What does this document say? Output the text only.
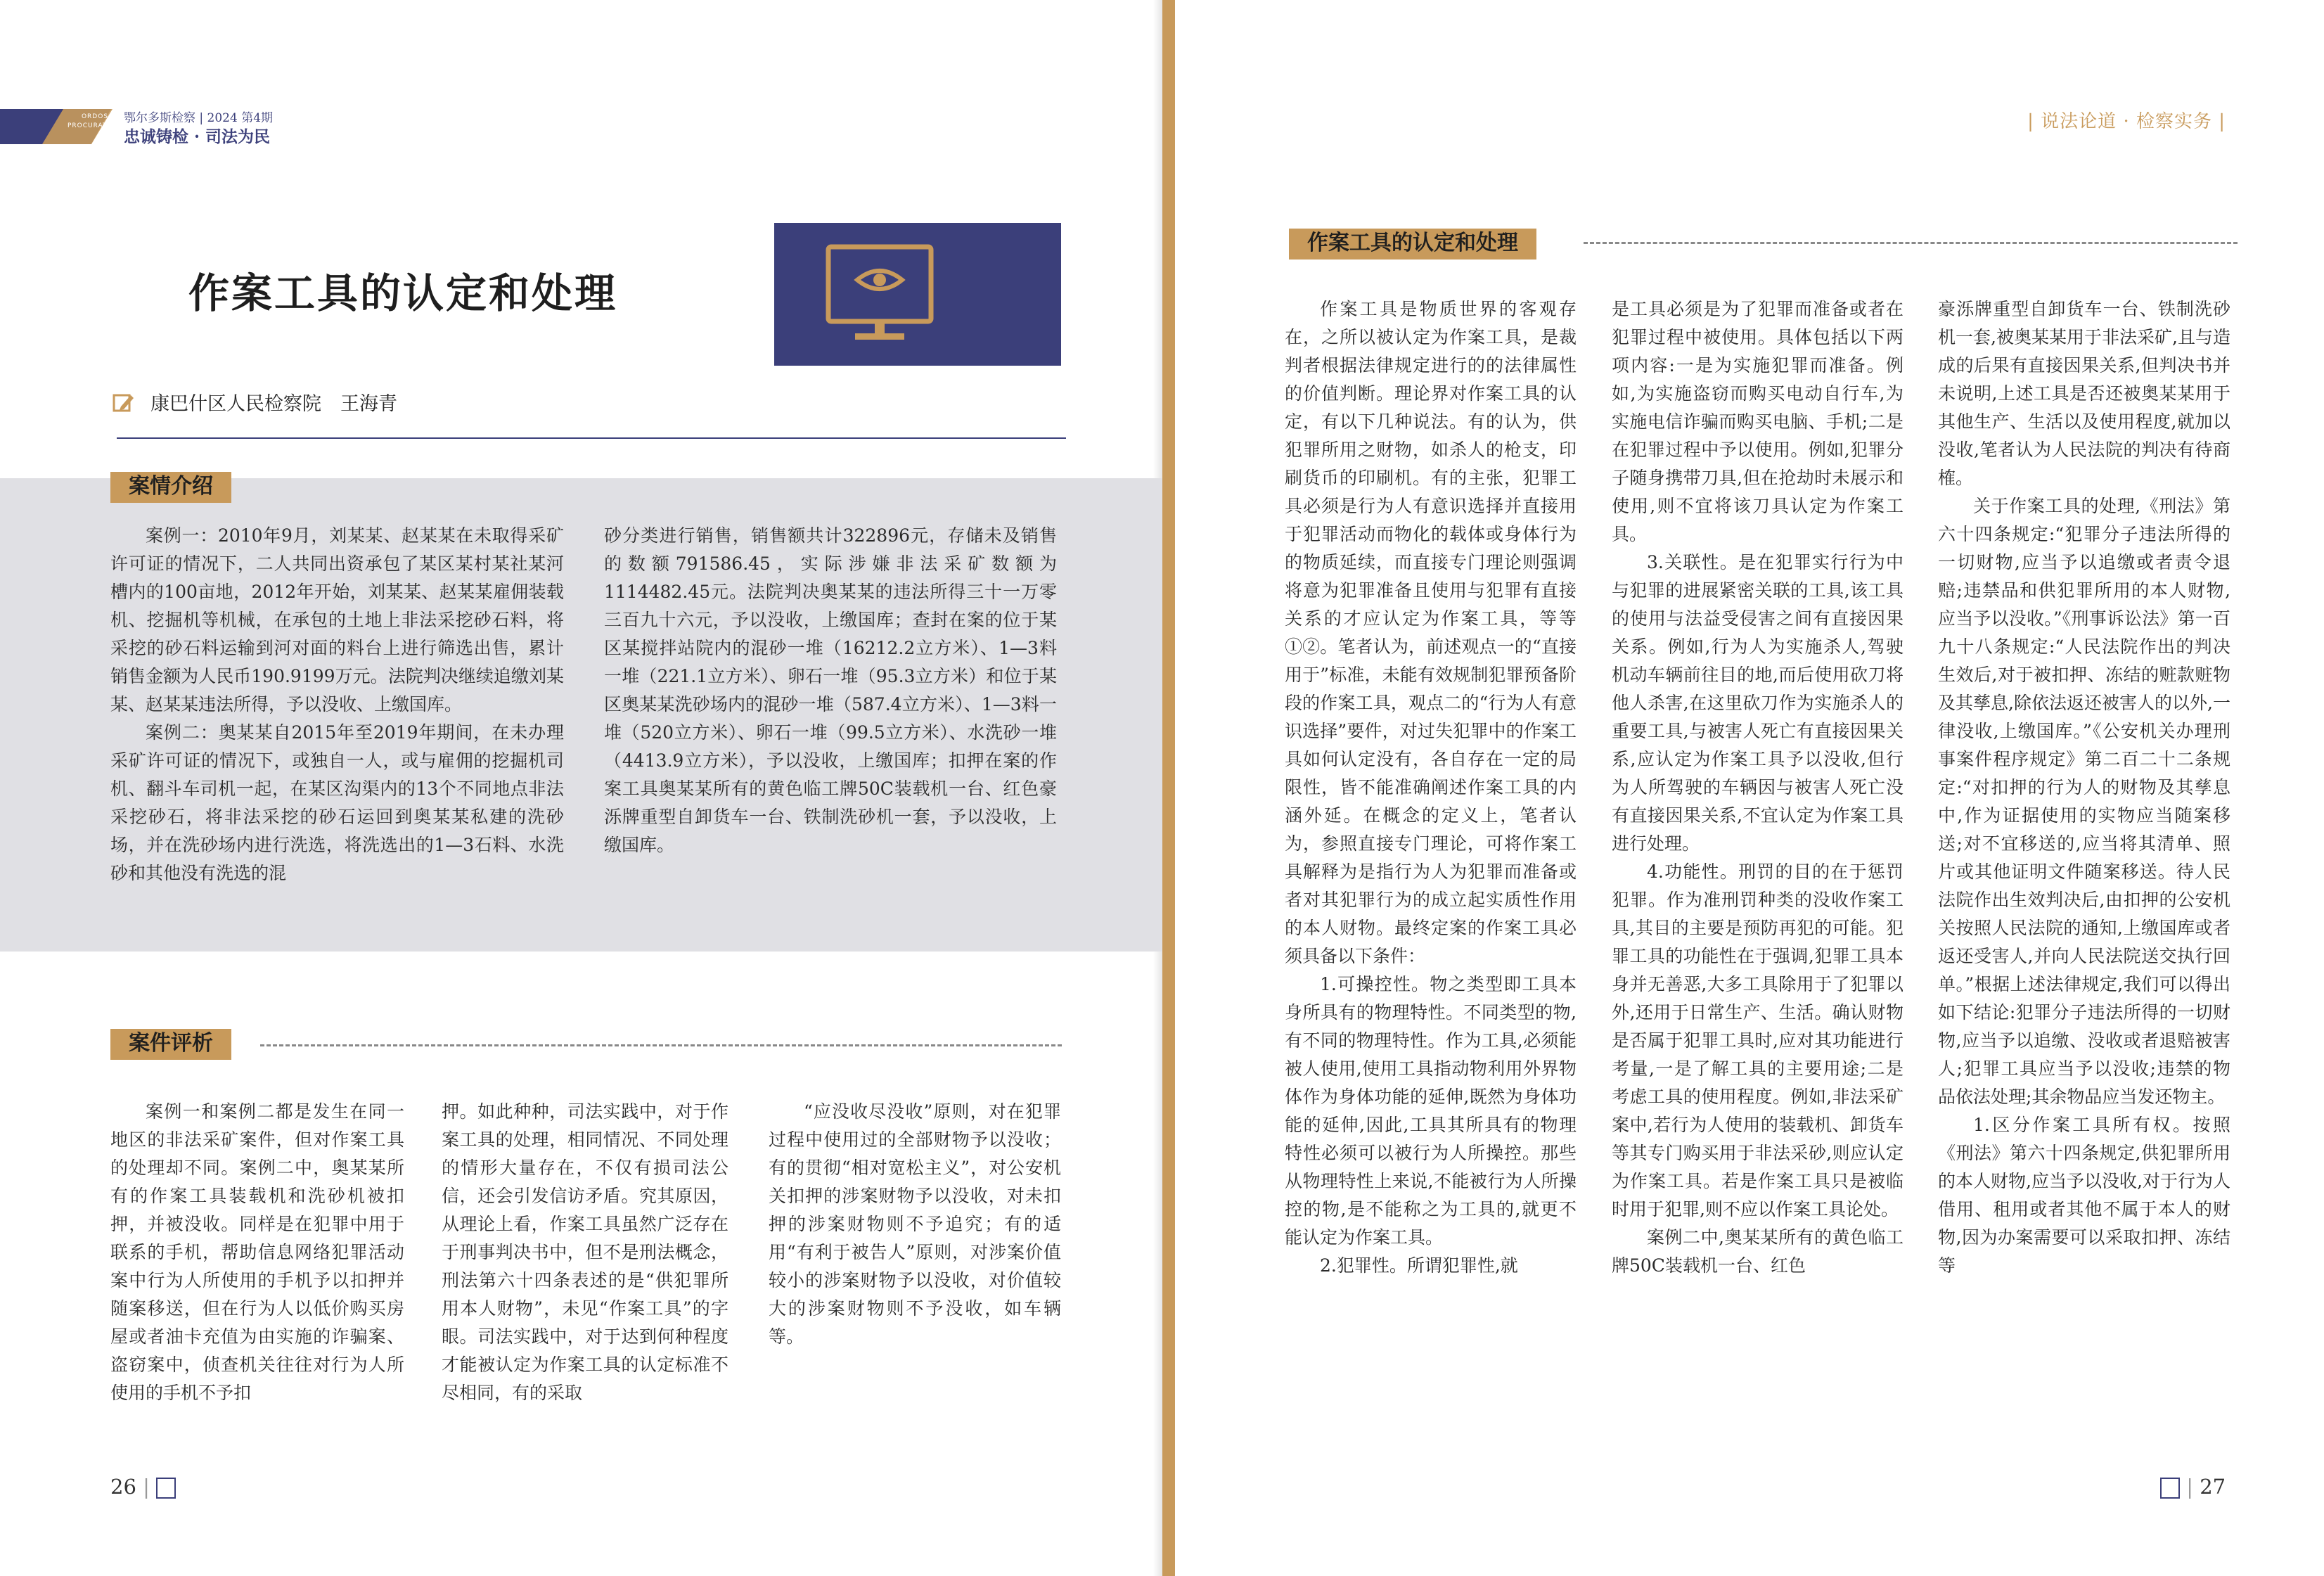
ORDOS PROCURATORATE
鄂尔多斯检察 | 2024 第4期
忠诚铸检 · 司法为民
| 说法论道 · 检察实务 |
作案工具的认定和处理
康巴什区人民检察院　王海青
案情介绍

案例一：2010年9月，刘某某、赵某某在未取得采矿许可证的情况下，二人共同出资承包了某区某村某社某河槽内的100亩地，2012年开始，刘某某、赵某某雇佣装载机、挖掘机等机械，在承包的土地上非法采挖砂石料，将采挖的砂石料运输到河对面的料台上进行筛选出售，累计销售金额为人民币190.9199万元。法院判决继续追缴刘某某、赵某某违法所得，予以没收、上缴国库。

案例二：奥某某自2015年至2019年期间，在未办理采矿许可证的情况下，或独自一人，或与雇佣的挖掘机司机、翻斗车司机一起，在某区沟渠内的13个不同地点非法采挖砂石，将非法采挖的砂石运回到奥某某私建的洗砂场，并在洗砂场内进行洗选，将洗选出的1—3石料、水洗砂和其他没有洗选的混

砂分类进行销售，销售额共计322896元，存储未及销售的数额791586.45，实际涉嫌非法采矿数额为1114482.45元。法院判决奥某某的违法所得三十一万零三百九十六元，予以没收，上缴国库；查封在案的位于某区某搅拌站院内的混砂一堆（16212.2立方米）、1—3料一堆（221.1立方米）、卵石一堆（95.3立方米）和位于某区奥某某洗砂场内的混砂一堆（587.4立方米）、1—3料一堆（520立方米）、卵石一堆（99.5立方米）、水洗砂一堆（4413.9立方米），予以没收，上缴国库；扣押在案的作案工具奥某某所有的黄色临工牌50C装载机一台、红色豪泺牌重型自卸货车一台、铁制洗砂机一套，予以没收，上缴国库。

案件评析

案例一和案例二都是发生在同一地区的非法采矿案件，但对作案工具的处理却不同。案例二中，奥某某所有的作案工具装载机和洗砂机被扣押，并被没收。同样是在犯罪中用于联系的手机，帮助信息网络犯罪活动案中行为人所使用的手机予以扣押并随案移送，但在行为人以低价购买房屋或者油卡充值为由实施的诈骗案、盗窃案中，侦查机关往往对行为人所使用的手机不予扣

押。如此种种，司法实践中，对于作案工具的处理，相同情况、不同处理的情形大量存在，不仅有损司法公信，还会引发信访矛盾。究其原因，从理论上看，作案工具虽然广泛存在于刑事判决书中，但不是刑法概念，刑法第六十四条表述的是“供犯罪所用本人财物”，未见“作案工具”的字眼。司法实践中，对于达到何种程度才能被认定为作案工具的认定标准不尽相同，有的采取

“应没收尽没收”原则，对在犯罪过程中使用过的全部财物予以没收；有的贯彻“相对宽松主义”，对公安机关扣押的涉案财物予以没收，对未扣押的涉案财物则不予追究；有的适用“有利于被告人”原则，对涉案价值较小的涉案财物予以没收，对价值较大的涉案财物则不予没收，如车辆等。

作案工具的认定和处理

作案工具是物质世界的客观存在，之所以被认定为作案工具，是裁判者根据法律规定进行的的法律属性的价值判断。理论界对作案工具的认定，有以下几种说法。有的认为，供犯罪所用之财物，如杀人的枪支，印刷货币的印刷机。有的主张，犯罪工具必须是行为人有意识选择并直接用于犯罪活动而物化的载体或身体行为的物质延续，而直接专门理论则强调将意为犯罪准备且使用与犯罪有直接关系的才应认定为作案工具，等等①②。笔者认为，前述观点一的“直接用于”标准，未能有效规制犯罪预备阶段的作案工具，观点二的“行为人有意识选择”要件，对过失犯罪中的作案工具如何认定没有，各自存在一定的局限性，皆不能准确阐述作案工具的内涵外延。在概念的定义上，笔者认为，参照直接专门理论，可将作案工具解释为是指行为人为犯罪而准备或者对其犯罪行为的成立起实质性作用的本人财物。最终定案的作案工具必须具备以下条件：

1.可操控性。物之类型即工具本身所具有的物理特性。不同类型的物,有不同的物理特性。作为工具,必须能被人使用,使用工具指动物利用外界物体作为身体功能的延伸,既然为身体功能的延伸,因此,工具其所具有的物理特性必须可以被行为人所操控。那些从物理特性上来说,不能被行为人所操控的物,是不能称之为工具的,就更不能认定为作案工具。

2.犯罪性。所谓犯罪性,就

是工具必须是为了犯罪而准备或者在犯罪过程中被使用。具体包括以下两项内容:一是为实施犯罪而准备。例如,为实施盗窃而购买电动自行车,为实施电信诈骗而购买电脑、手机;二是在犯罪过程中予以使用。例如,犯罪分子随身携带刀具,但在抢劫时未展示和使用,则不宜将该刀具认定为作案工具。

3.关联性。是在犯罪实行行为中与犯罪的进展紧密关联的工具,该工具的使用与法益受侵害之间有直接因果关系。例如,行为人为实施杀人,驾驶机动车辆前往目的地,而后使用砍刀将他人杀害,在这里砍刀作为实施杀人的重要工具,与被害人死亡有直接因果关系,应认定为作案工具予以没收,但行为人所驾驶的车辆因与被害人死亡没有直接因果关系,不宜认定为作案工具进行处理。

4.功能性。刑罚的目的在于惩罚犯罪。作为准刑罚种类的没收作案工具,其目的主要是预防再犯的可能。犯罪工具的功能性在于强调,犯罪工具本身并无善恶,大多工具除用于了犯罪以外,还用于日常生产、生活。确认财物是否属于犯罪工具时,应对其功能进行考量,一是了解工具的主要用途;二是考虑工具的使用程度。例如,非法采矿案中,若行为人使用的装载机、卸货车等其专门购买用于非法采砂,则应认定为作案工具。若是作案工具只是被临时用于犯罪,则不应以作案工具论处。

案例二中,奥某某所有的黄色临工牌50C装载机一台、红色

豪泺牌重型自卸货车一台、铁制洗砂机一套,被奥某某用于非法采矿,且与造成的后果有直接因果关系,但判决书并未说明,上述工具是否还被奥某某用于其他生产、生活以及使用程度,就加以没收,笔者认为人民法院的判决有待商榷。

关于作案工具的处理,《刑法》第六十四条规定:“犯罪分子违法所得的一切财物,应当予以追缴或者责令退赔;违禁品和供犯罪所用的本人财物,应当予以没收。”《刑事诉讼法》第一百九十八条规定:“人民法院作出的判决生效后,对于被扣押、冻结的赃款赃物及其孳息,除依法返还被害人的以外,一律没收,上缴国库。”《公安机关办理刑事案件程序规定》第二百二十二条规定:“对扣押的行为人的财物及其孳息中,作为证据使用的实物应当随案移送;对不宜移送的,应当将其清单、照片或其他证明文件随案移送。待人民法院作出生效判决后,由扣押的公安机关按照人民法院的通知,上缴国库或者返还受害人,并向人民法院送交执行回单。”根据上述法律规定,我们可以得出如下结论:犯罪分子违法所得的一切财物,应当予以追缴、没收或者退赔被害人;犯罪工具应当予以没收;违禁的物品依法处理;其余物品应当发还物主。

1.区分作案工具所有权。按照《刑法》第六十四条规定,供犯罪所用的本人财物,应当予以没收,对于行为人借用、租用或者其他不属于本人的财物,因为办案需要可以采取扣押、冻结等

26 |	| 27
